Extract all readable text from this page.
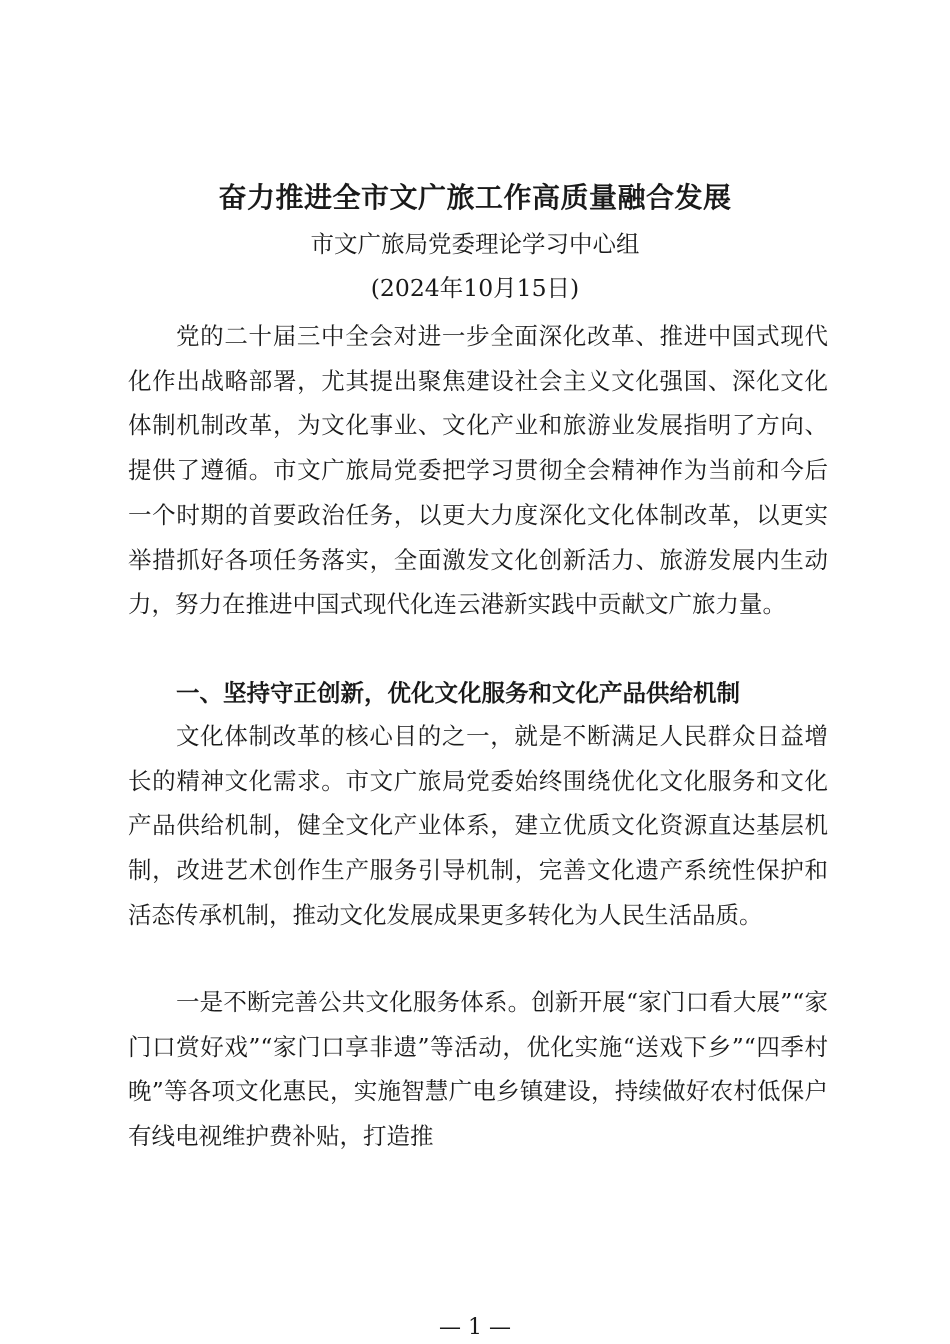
奋力推进全市文广旅工作高质量融合发展
市文广旅局党委理论学习中心组
(2024年10月15日)

党的二十届三中全会对进一步全面深化改革、推进中国式现代化作出战略部署，尤其提出聚焦建设社会主义文化强国、深化文化体制机制改革，为文化事业、文化产业和旅游业发展指明了方向、提供了遵循。市文广旅局党委把学习贯彻全会精神作为当前和今后一个时期的首要政治任务，以更大力度深化文化体制改革，以更实举措抓好各项任务落实，全面激发文化创新活力、旅游发展内生动力，努力在推进中国式现代化连云港新实践中贡献文广旅力量。

一、坚持守正创新，优化文化服务和文化产品供给机制

文化体制改革的核心目的之一，就是不断满足人民群众日益增长的精神文化需求。市文广旅局党委始终围绕优化文化服务和文化产品供给机制，健全文化产业体系，建立优质文化资源直达基层机制，改进艺术创作生产服务引导机制，完善文化遗产系统性保护和活态传承机制，推动文化发展成果更多转化为人民生活品质。

一是不断完善公共文化服务体系。创新开展“家门口看大展”“家门口赏好戏”“家门口享非遗”等活动，优化实施“送戏下乡”“四季村晚”等各项文化惠民，实施智慧广电乡镇建设，持续做好农村低保户有线电视维护费补贴，打造推

— 1 —
